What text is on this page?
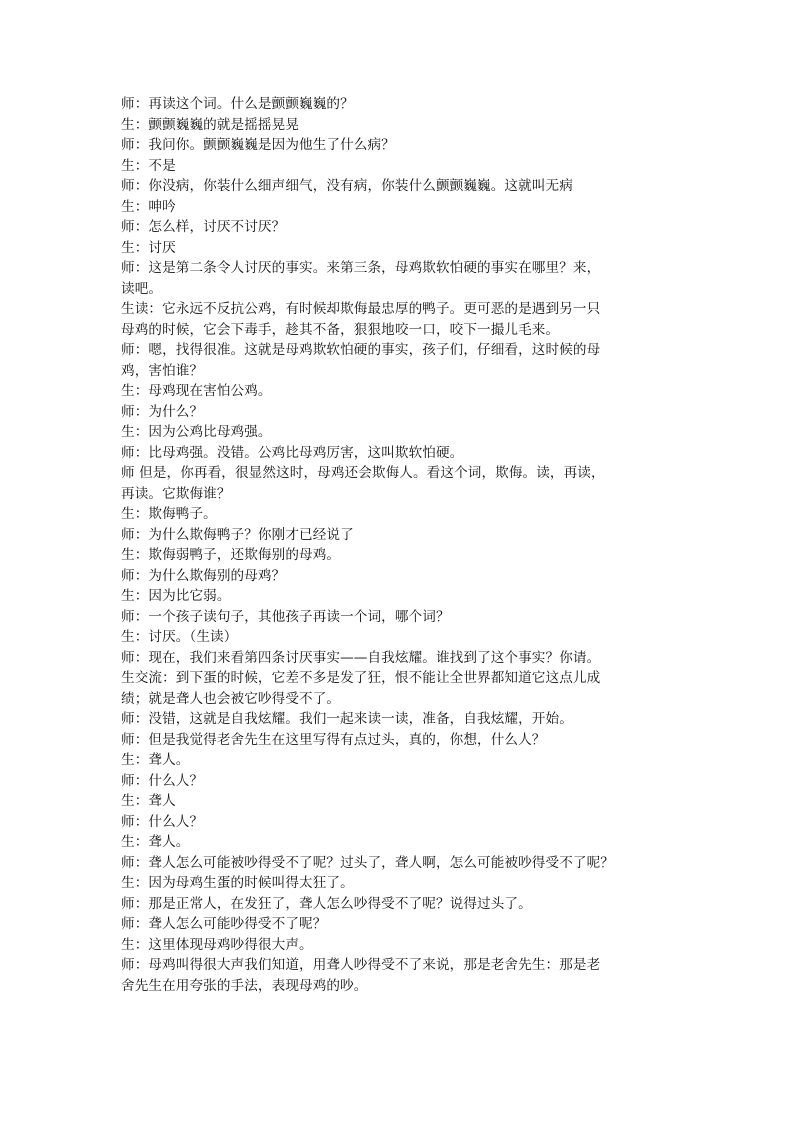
师：再读这个词。什么是颤颤巍巍的？
生：颤颤巍巍的就是摇摇晃晃
师：我问你。颤颤巍巍是因为他生了什么病？
生：不是
师：你没病，你装什么细声细气，没有病，你装什么颤颤巍巍。这就叫无病
生：呻吟
师：怎么样，讨厌不讨厌？
生：讨厌
师：这是第二条令人讨厌的事实。来第三条，母鸡欺软怕硬的事实在哪里？来，
读吧。
生读：它永远不反抗公鸡，有时候却欺侮最忠厚的鸭子。更可恶的是遇到另一只
母鸡的时候，它会下毒手，趁其不备，狠狠地咬一口，咬下一撮儿毛来。
师：嗯，找得很准。这就是母鸡欺软怕硬的事实，孩子们，仔细看，这时候的母
鸡，害怕谁？
生：母鸡现在害怕公鸡。
师：为什么？
生：因为公鸡比母鸡强。
师：比母鸡强。没错。公鸡比母鸡厉害，这叫欺软怕硬。
师 但是，你再看，很显然这时，母鸡还会欺侮人。看这个词，欺侮。读，再读，
再读。它欺侮谁？
生：欺侮鸭子。
师：为什么欺侮鸭子？你刚才已经说了
生：欺侮弱鸭子，还欺侮别的母鸡。
师：为什么欺侮别的母鸡？
生：因为比它弱。
师：一个孩子读句子，其他孩子再读一个词，哪个词？
生：讨厌。（生读）
师：现在，我们来看第四条讨厌事实——自我炫耀。谁找到了这个事实？你请。
生交流：到下蛋的时候，它差不多是发了狂，恨不能让全世界都知道它这点儿成
绩；就是聋人也会被它吵得受不了。
师：没错，这就是自我炫耀。我们一起来读一读，准备，自我炫耀，开始。
师：但是我觉得老舍先生在这里写得有点过头，真的，你想，什么人？
生：聋人。
师：什么人？
生：聋人
师：什么人？
生：聋人。
师：聋人怎么可能被吵得受不了呢？过头了，聋人啊，怎么可能被吵得受不了呢？
生：因为母鸡生蛋的时候叫得太狂了。
师：那是正常人，在发狂了，聋人怎么吵得受不了呢？说得过头了。
师：聋人怎么可能吵得受不了呢？
生：这里体现母鸡吵得很大声。
师：母鸡叫得很大声我们知道，用聋人吵得受不了来说，那是老舍先生：那是老
舍先生在用夸张的手法，表现母鸡的吵。
